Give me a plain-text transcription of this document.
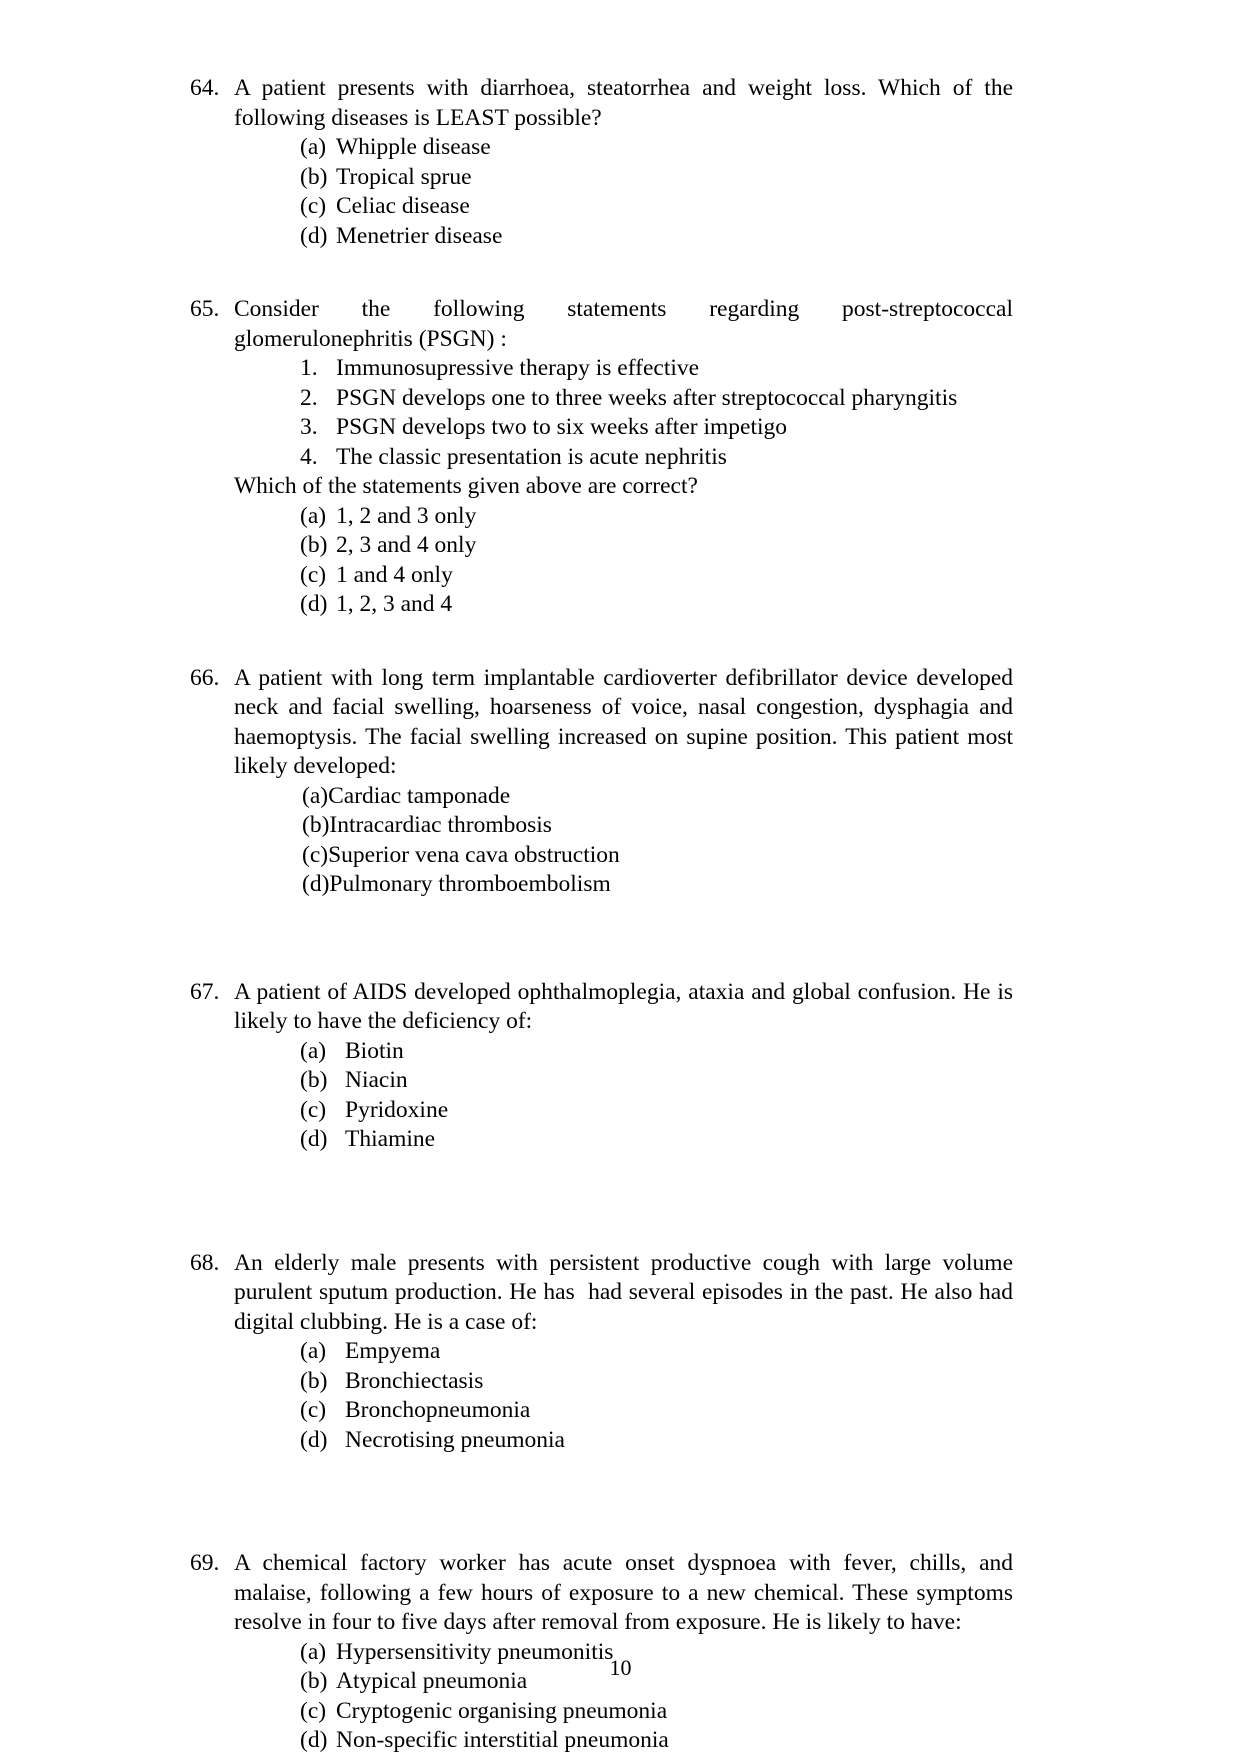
64. A patient presents with diarrhoea, steatorrhea and weight loss. Which of the following diseases is LEAST possible?

(a) Whipple disease
(b) Tropical sprue
(c) Celiac disease
(d) Menetrier disease
65. Consider the following statements regarding post-streptococcal glomerulonephritis (PSGN) :

1. Immunosupressive therapy is effective
2. PSGN develops one to three weeks after streptococcal pharyngitis
3. PSGN develops two to six weeks after impetigo
4. The classic presentation is acute nephritis

Which of the statements given above are correct?

(a) 1, 2 and 3 only
(b) 2, 3 and 4 only
(c) 1 and 4 only
(d) 1, 2, 3 and 4
66. A patient with long term implantable cardioverter defibrillator device developed neck and facial swelling, hoarseness of voice, nasal congestion, dysphagia and haemoptysis. The facial swelling increased on supine position. This patient most likely developed:

(a)Cardiac tamponade
(b)Intracardiac thrombosis
(c)Superior vena cava obstruction
(d)Pulmonary thromboembolism
67. A patient of AIDS developed ophthalmoplegia, ataxia and global confusion. He is likely to have the deficiency of:

(a) Biotin
(b) Niacin
(c) Pyridoxine
(d) Thiamine
68. An elderly male presents with persistent productive cough with large volume purulent sputum production. He has  had several episodes in the past. He also had digital clubbing. He is a case of:

(a) Empyema
(b) Bronchiectasis
(c) Bronchopneumonia
(d) Necrotising pneumonia
69. A chemical factory worker has acute onset dyspnoea with fever, chills, and malaise, following a few hours of exposure to a new chemical. These symptoms resolve in four to five days after removal from exposure. He is likely to have:

(a) Hypersensitivity pneumonitis
(b) Atypical pneumonia
(c) Cryptogenic organising pneumonia
(d) Non-specific interstitial pneumonia
10
